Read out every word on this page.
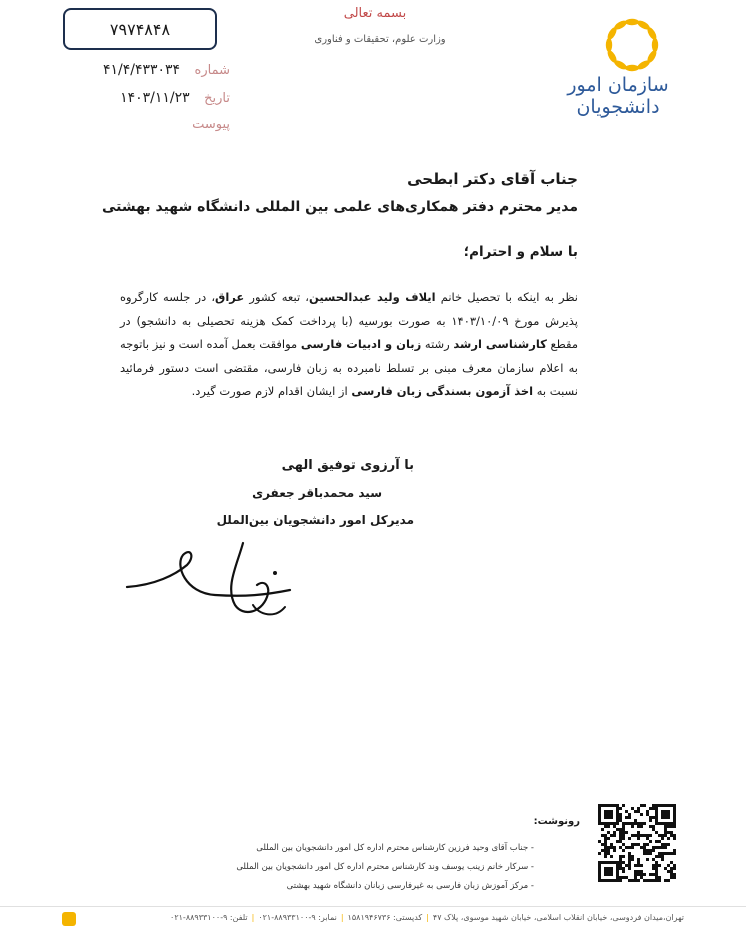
سازمان امور
دانشجویان
بسمه تعالی
وزارت علوم، تحقیقات و فناوری
۷۹۷۴۸۴۸
شماره ۴۱/۴/۴۳۳۰۳۴
تاریخ ۱۴۰۳/۱۱/۲۳
پیوست
جناب آقای دکتر ابطحی
مدیر محترم دفتر همکاری‌های علمی بین المللی دانشگاه شهید بهشتی
با سلام و احترام؛
نظر به اینکه با تحصیل خانم ایلاف ولید عبدالحسین، تبعه کشور عراق، در جلسه کارگروه پذیرش مورخ ۱۴۰۳/۱۰/۰۹ به صورت بورسیه (با پرداخت کمک هزینه تحصیلی به دانشجو) در مقطع کارشناسی ارشد رشته زبان و ادبیات فارسی موافقت بعمل آمده است و نیز باتوجه به اعلام سازمان معرف مبنی بر تسلط نامبرده به زبان فارسی، مقتضی است دستور فرمائید نسبت به اخذ آزمون بسندگی زبان فارسی از ایشان اقدام لازم صورت گیرد.
با آرزوی توفیق الهی
سید محمدباقر جعفری
مدیرکل امور دانشجویان بین‌الملل
رونوشت:
- جناب آقای وحید فرزین کارشناس محترم اداره کل امور دانشجویان بین المللی
- سرکار خانم زینب یوسف وند کارشناس محترم اداره کل امور دانشجویان بین المللی
- مرکز آموزش زبان فارسی به غیرفارسی زبانان دانشگاه شهید بهشتی
تهران،میدان فردوسی، خیابان انقلاب اسلامی، خیابان شهید موسوی، پلاک ۴۷|کدپستی: ۱۵۸۱۹۴۶۷۳۶|نمابر: ۹-۸۸۹۳۳۱۰۰-۰۲۱|تلفن: ۹-۸۸۹۳۳۱۰۰-۰۲۱
